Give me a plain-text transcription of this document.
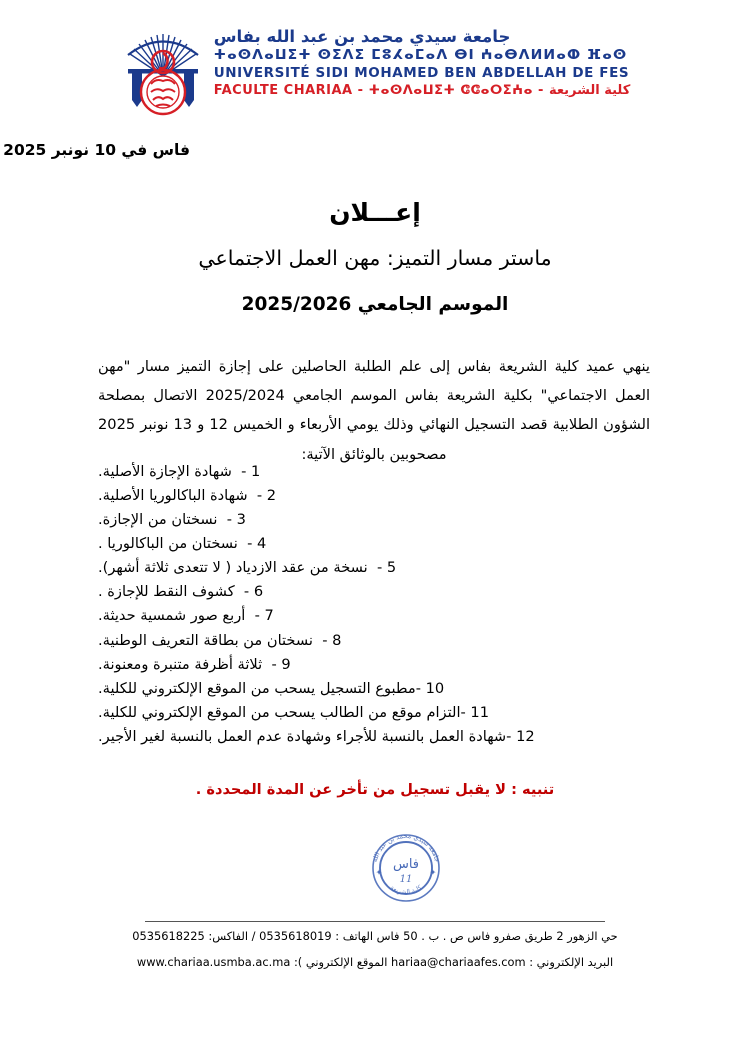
جامعة سيدي محمد بن عبد الله بفاس
ⵜⴰⵙⴷⴰⵡⵉⵜ ⵙⵉⴷⵉ ⵎⵓⵃⴰⵎⴰⴷ ⴱⵏ ⵄⴰⴱⴷⵍⵍⴰⵀ ⴼⴰⵙ
UNIVERSITÉ SIDI MOHAMED BEN ABDELLAH DE FES
FACULTE CHARIAA - ⵜⴰⵙⴷⴰⵡⵉⵜ ⵛⵛⴰⵔⵉⵄⴰ - كلية الشريعة
فاس في 10 نونبر 2025
إعـــلان
ماستر مسار التميز: مهن العمل الاجتماعي
الموسم الجامعي 2025/2026
ينهي عميد كلية الشريعة بفاس إلى علم الطلبة الحاصلين على إجازة التميز مسار "مهن العمل الاجتماعي" بكلية الشريعة بفاس الموسم الجامعي 2025/2024 الاتصال بمصلحة الشؤون الطلابية قصد التسجيل النهائي وذلك يومي الأربعاء و الخميس 12 و 13 نونبر 2025 مصحوبين بالوثائق الآتية:
1 -  شهادة الإجازة الأصلية.
2 -  شهادة الباكالوريا الأصلية.
3 -  نسختان من الإجازة.
4 -  نسختان من الباكالوريا .
5 -  نسخة من عقد الازدياد ( لا تتعدى ثلاثة أشهر).
6 -  كشوف النقط للإجازة .
7 -  أربع صور شمسية حديثة.
8 -  نسختان من بطاقة التعريف الوطنية.
9 -  ثلاثة أظرفة متنبرة ومعنونة.
10 -مطبوع التسجيل يسحب من الموقع الإلكتروني للكلية.
11 -التزام موقع من الطالب يسحب من الموقع الإلكتروني للكلية.
12 -شهادة العمل بالنسبة للأجراء وشهادة عدم العمل بالنسبة لغير الأجير.
تنبيه : لا يقبل تسجيل من تأخر عن المدة المحددة .
جامعة سيدي محمد بن عبد الله
كلية الشريعة
فاس
11
✦
✦
حي الزهور 2 طريق صفرو فاس ص . ب . 50 فاس الهاتف : 0535618019 / الفاكس: 0535618225
البريد الإلكتروني : hariaa@chariaafes.com الموقع الإلكتروني ): www.chariaa.usmba.ac.ma
